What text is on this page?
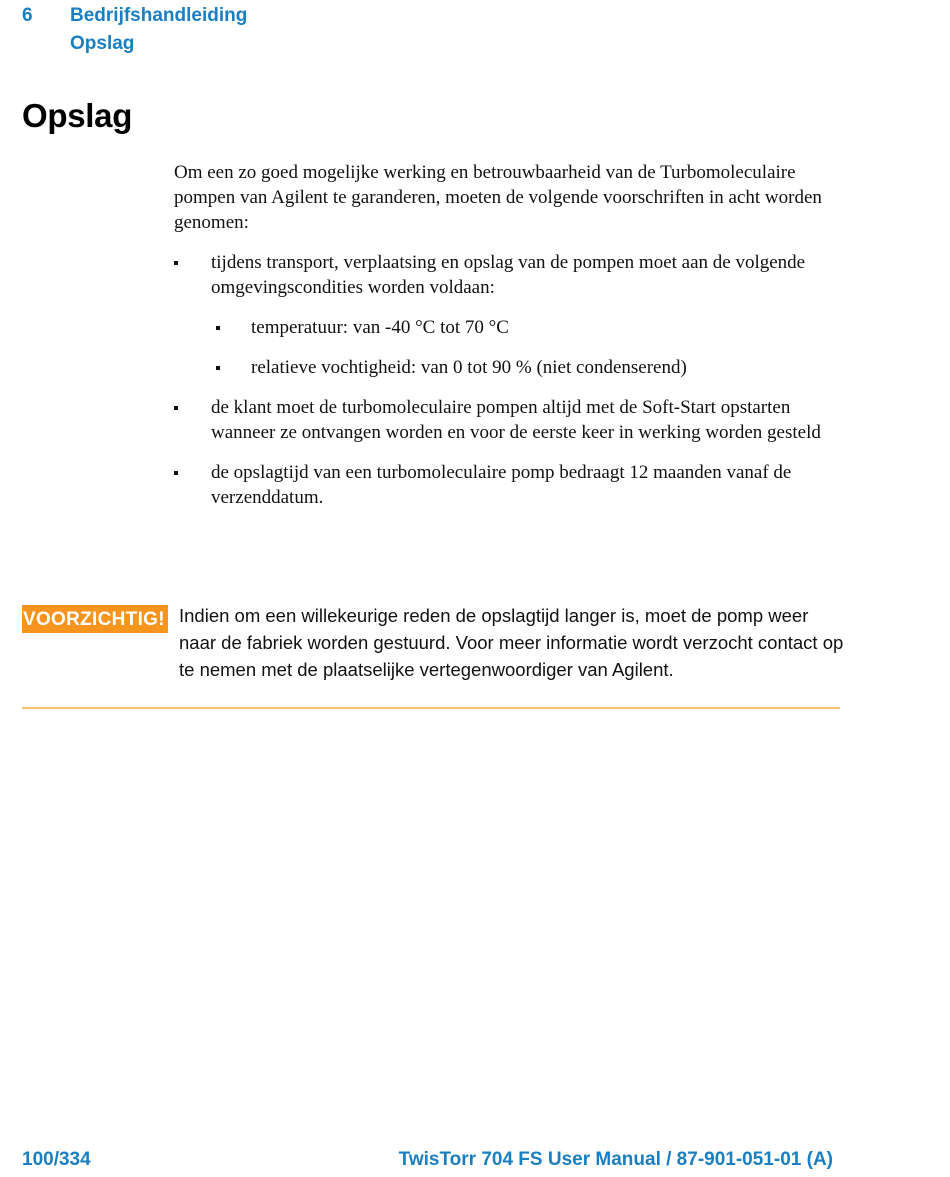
6	Bedrijfshandleiding
Opslag
Opslag

Om een zo goed mogelijke werking en betrouwbaarheid van de Turbomoleculaire pompen van Agilent te garanderen, moeten de volgende voorschriften in acht worden genomen:

tijdens transport, verplaatsing en opslag van de pompen moet aan de volgende omgevingscondities worden voldaan:
temperatuur: van -40 °C tot 70 °C
relatieve vochtigheid: van 0 tot 90 % (niet condenserend)
de klant moet de turbomoleculaire pompen altijd met de Soft-Start opstarten wanneer ze ontvangen worden en voor de eerste keer in werking worden gesteld
de opslagtijd van een turbomoleculaire pomp bedraagt 12 maanden vanaf de verzenddatum.
VOORZICHTIG! Indien om een willekeurige reden de opslagtijd langer is, moet de pomp weer naar de fabriek worden gestuurd. Voor meer informatie wordt verzocht contact op te nemen met de plaatselijke vertegenwoordiger van Agilent.
100/334	TwisTorr 704 FS User Manual / 87-901-051-01 (A)
